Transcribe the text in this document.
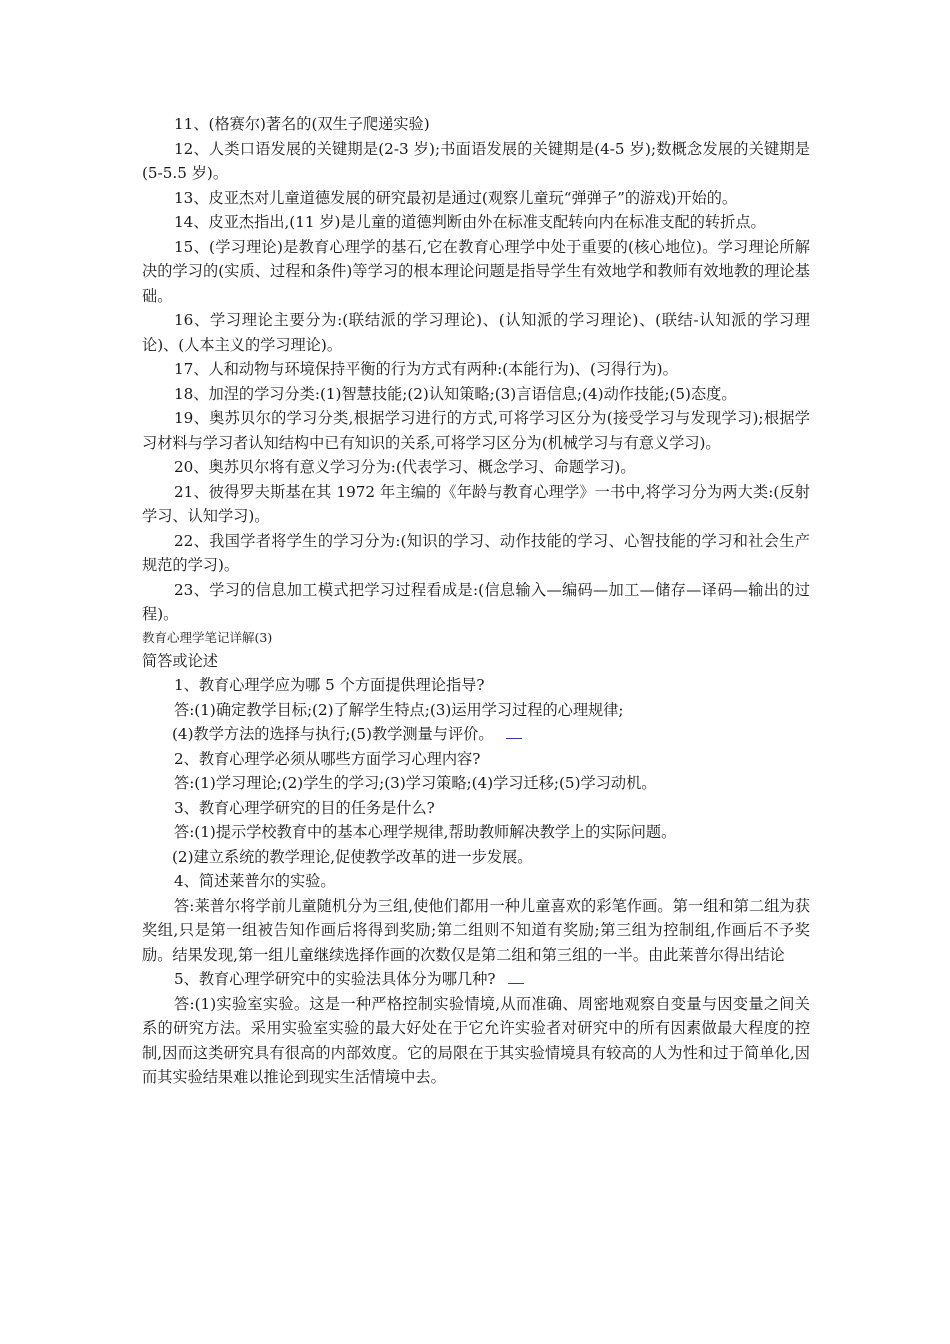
11、(格赛尔)著名的(双生子爬递实验)

12、人类口语发展的关键期是(2-3 岁);书面语发展的关键期是(4-5 岁);数概念发展的关键期是(5-5.5 岁)。

13、皮亚杰对儿童道德发展的研究最初是通过(观察儿童玩“弹弹子”的游戏)开始的。

14、皮亚杰指出,(11 岁)是儿童的道德判断由外在标准支配转向内在标准支配的转折点。

15、(学习理论)是教育心理学的基石,它在教育心理学中处于重要的(核心地位)。学习理论所解决的学习的(实质、过程和条件)等学习的根本理论问题是指导学生有效地学和教师有效地教的理论基础。

16、学习理论主要分为:(联结派的学习理论)、(认知派的学习理论)、(联结-认知派的学习理论)、(人本主义的学习理论)。

17、人和动物与环境保持平衡的行为方式有两种:(本能行为)、(习得行为)。

18、加涅的学习分类:(1)智慧技能;(2)认知策略;(3)言语信息;(4)动作技能;(5)态度。

19、奥苏贝尔的学习分类,根据学习进行的方式,可将学习区分为(接受学习与发现学习);根据学习材料与学习者认知结构中已有知识的关系,可将学习区分为(机械学习与有意义学习)。

20、奥苏贝尔将有意义学习分为:(代表学习、概念学习、命题学习)。

21、彼得罗夫斯基在其 1972 年主编的《年龄与教育心理学》一书中,将学习分为两大类:(反射学习、认知学习)。

22、我国学者将学生的学习分为:(知识的学习、动作技能的学习、心智技能的学习和社会生产规范的学习)。

23、学习的信息加工模式把学习过程看成是:(信息输入—编码—加工—储存—译码—输出的过程)。

教育心理学笔记详解(3)

简答或论述

1、教育心理学应为哪 5 个方面提供理论指导?

答:(1)确定教学目标;(2)了解学生特点;(3)运用学习过程的心理规律;

(4)教学方法的选择与执行;(5)教学测量与评价。

2、教育心理学必须从哪些方面学习心理内容?

答:(1)学习理论;(2)学生的学习;(3)学习策略;(4)学习迁移;(5)学习动机。

3、教育心理学研究的目的任务是什么?

答:(1)提示学校教育中的基本心理学规律,帮助教师解决教学上的实际问题。

(2)建立系统的教学理论,促使教学改革的进一步发展。

4、简述莱普尔的实验。

答:莱普尔将学前儿童随机分为三组,使他们都用一种儿童喜欢的彩笔作画。第一组和第二组为获奖组,只是第一组被告知作画后将得到奖励;第二组则不知道有奖励;第三组为控制组,作画后不予奖励。结果发现,第一组儿童继续选择作画的次数仅是第二组和第三组的一半。由此莱普尔得出结论

5、教育心理学研究中的实验法具体分为哪几种?

答:(1)实验室实验。这是一种严格控制实验情境,从而准确、周密地观察自变量与因变量之间关系的研究方法。采用实验室实验的最大好处在于它允许实验者对研究中的所有因素做最大程度的控制,因而这类研究具有很高的内部效度。它的局限在于其实验情境具有较高的人为性和过于简单化,因而其实验结果难以推论到现实生活情境中去。
